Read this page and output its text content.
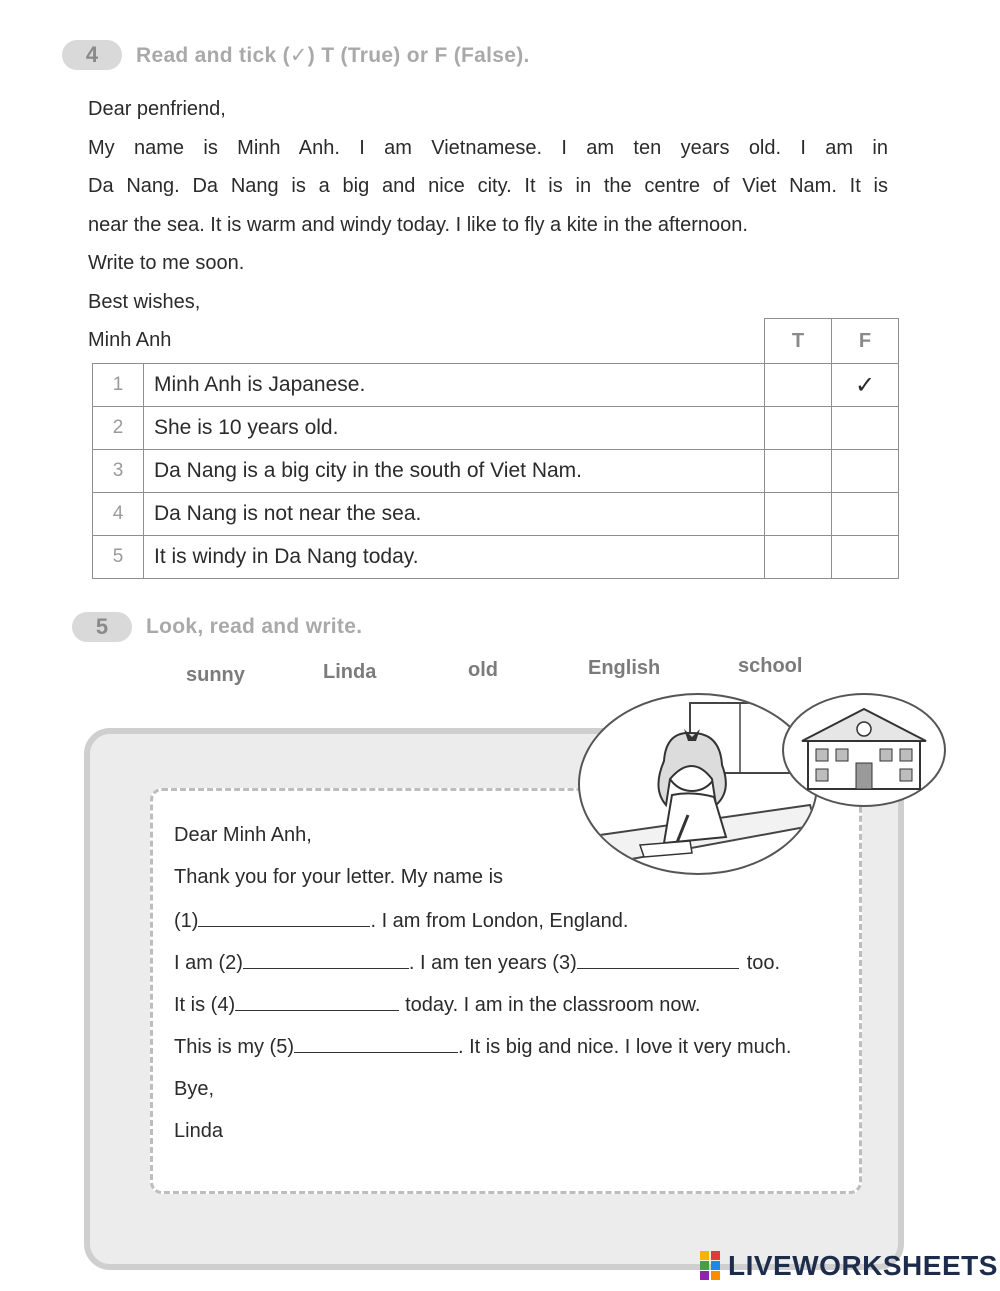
4 Read and tick (✓) T (True) or F (False).

Dear penfriend,

My name is Minh Anh. I am Vietnamese. I am ten years old. I am in

Da Nang. Da Nang is a big and nice city. It is in the centre of Viet Nam. It is

near the sea. It is warm and windy today. I like to fly a kite in the afternoon.

Write to me soon.

Best wishes,

Minh Anh

		T	F
1	Minh Anh is Japanese.		✓
2	She is 10 years old.		
3	Da Nang is a big city in the south of Viet Nam.		
4	Da Nang is not near the sea.		
5	It is windy in Da Nang today.		
5 Look, read and write.
sunny	Linda	old	English	school
Dear Minh Anh,
Thank you for your letter. My name is
(1)	. I am from London, England.
I am (2)	. I am ten years (3)	too.
It is (4)	today. I am in the classroom now.
This is my (5)	. It is big and nice. I love it very much.
Bye,
Linda
LIVEWORKSHEETS
